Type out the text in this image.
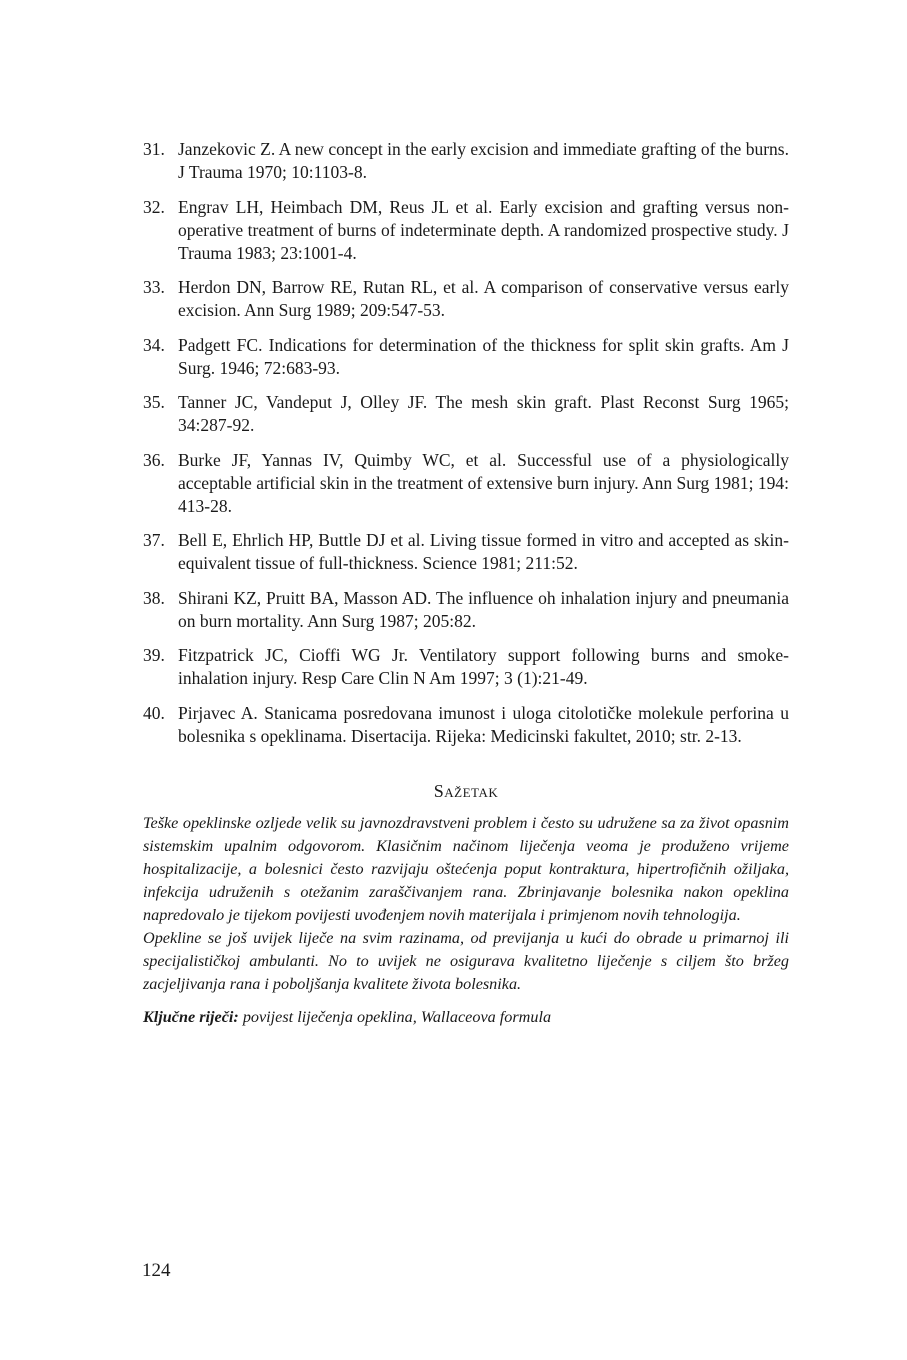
31. Janzekovic Z. A new concept in the early excision and immediate grafting of the burns. J Trauma 1970; 10:1103-8.
32. Engrav LH, Heimbach DM, Reus JL et al. Early excision and grafting versus non-operative treatment of burns of indeterminate depth. A randomized prospective study. J Trauma 1983; 23:1001-4.
33. Herdon DN, Barrow RE, Rutan RL, et al. A comparison of conservative versus early excision. Ann Surg 1989; 209:547-53.
34. Padgett FC. Indications for determination of the thickness for split skin grafts. Am J Surg. 1946; 72:683-93.
35. Tanner JC, Vandeput J, Olley JF. The mesh skin graft. Plast Reconst Surg 1965; 34:287-92.
36. Burke JF, Yannas IV, Quimby WC, et al. Successful use of a physiologically acceptable artificial skin in the treatment of extensive burn injury. Ann Surg 1981; 194: 413-28.
37. Bell E, Ehrlich HP, Buttle DJ et al. Living tissue formed in vitro and accepted as skin-equivalent tissue of full-thickness. Science 1981; 211:52.
38. Shirani KZ, Pruitt BA, Masson AD. The influence oh inhalation injury and pneumania on burn mortality. Ann Surg 1987; 205:82.
39. Fitzpatrick JC, Cioffi WG Jr. Ventilatory support following burns and smoke-inhalation injury. Resp Care Clin N Am 1997; 3 (1):21-49.
40. Pirjavec A. Stanicama posredovana imunost i uloga citolotičke molekule perforina u bolesnika s opeklinama. Disertacija. Rijeka: Medicinski fakultet, 2010; str. 2-13.
Sažetak

Teške opeklinske ozljede velik su javnozdravstveni problem i često su udružene sa za život opasnim sistemskim upalnim odgovorom. Klasičnim načinom liječenja veoma je produženo vrijeme hospitalizacije, a bolesnici često razvijaju oštećenja poput kontraktura, hipertrofičnih ožiljaka, infekcija udruženih s otežanim zaraščivanjem rana. Zbrinjavanje bolesnika nakon opeklina napredovalo je tijekom povijesti uvođenjem novih materijala i primjenom novih tehnologija.

Opekline se još uvijek liječe na svim razinama, od previjanja u kući do obrade u primarnoj ili specijalističkoj ambulanti. No to uvijek ne osigurava kvalitetno liječenje s ciljem što bržeg zacjeljivanja rana i poboljšanja kvalitete života bolesnika.

Ključne riječi: povijest liječenja opeklina, Wallaceova formula
124
